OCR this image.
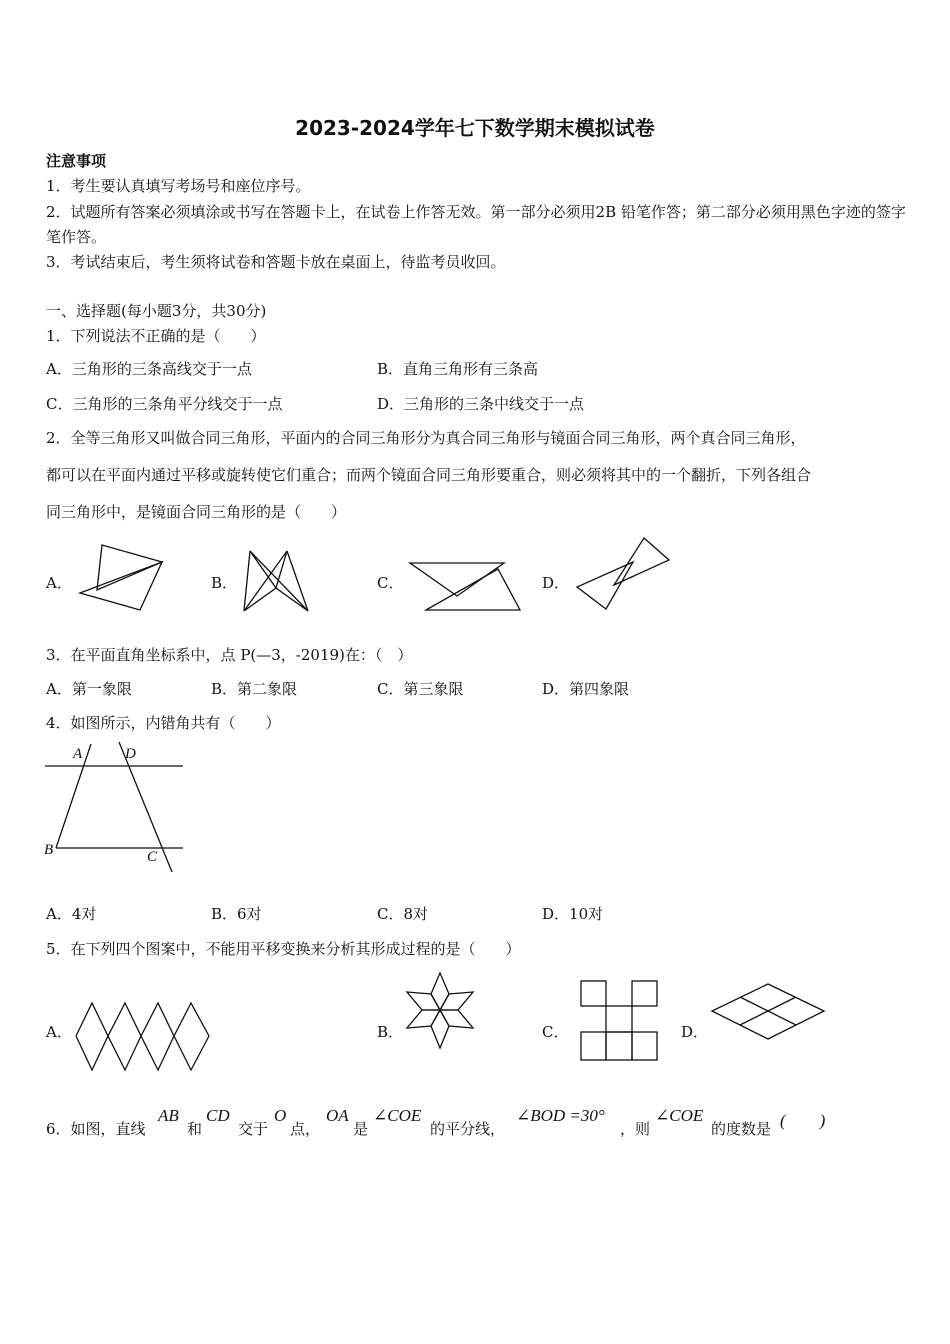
2023-2024学年七下数学期末模拟试卷
注意事项
1．考生要认真填写考场号和座位序号。
2．试题所有答案必须填涂或书写在答题卡上，在试卷上作答无效。第一部分必须用2B 铅笔作答；第二部分必须用黑色字迹的签字笔作答。
3．考试结束后，考生须将试卷和答题卡放在桌面上，待监考员收回。
一、选择题(每小题3分，共30分)
1．下列说法不正确的是（　　）
A．三角形的三条高线交于一点	B．直角三角形有三条高
C．三角形的三条角平分线交于一点	D．三角形的三条中线交于一点
2．全等三角形又叫做合同三角形，平面内的合同三角形分为真合同三角形与镜面合同三角形，两个真合同三角形，
都可以在平面内通过平移或旋转使它们重合；而两个镜面合同三角形要重合，则必须将其中的一个翻折，下列各组合
同三角形中，是镜面合同三角形的是（　　）
A．	B．	C．	D．
3．在平面直角坐标系中，点 P(—3，-2019)在：（　）
A．第一象限	B．第二象限	C．第三象限	D．第四象限
4．如图所示，内错角共有（　　）
A	D
B	C
A．4对	B．6对	C．8对	D．10对
5．在下列四个图案中，不能用平移变换来分析其形成过程的是（　　）
A．	B．	C．	D．
6．如图，直线
AB
和
CD
交于
O
点，
OA
是
∠COE
的平分线，
∠BOD =30°
，则
∠COE
的度数是 (　　)
